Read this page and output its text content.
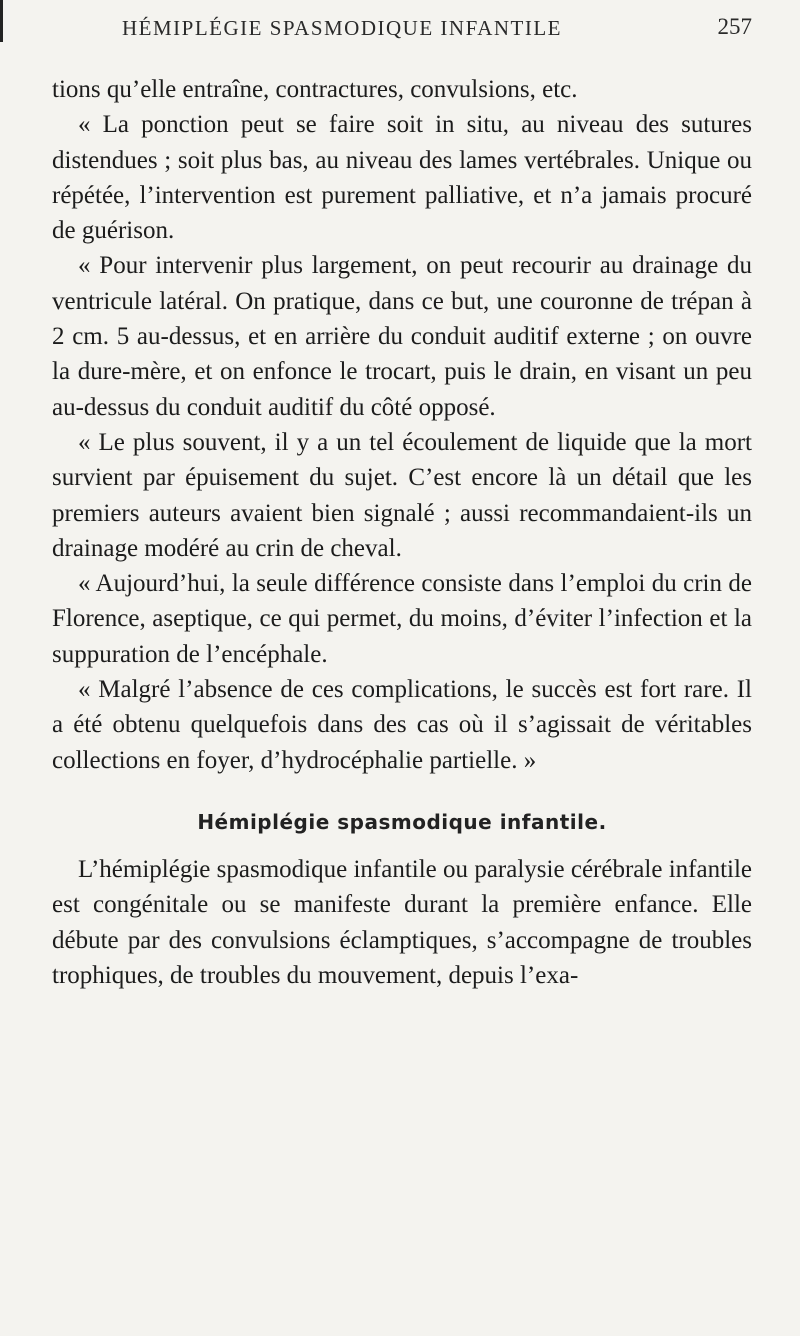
HÉMIPLÉGIE SPASMODIQUE INFANTILE	257

tions qu’elle entraîne, contractures, convulsions, etc.

« La ponction peut se faire soit in situ, au niveau des sutures distendues ; soit plus bas, au niveau des lames vertébrales. Unique ou répétée, l’intervention est purement palliative, et n’a jamais procuré de guérison.

« Pour intervenir plus largement, on peut recourir au drainage du ventricule latéral. On pratique, dans ce but, une couronne de trépan à 2 cm. 5 au-dessus, et en arrière du conduit auditif externe ; on ouvre la dure-mère, et on enfonce le trocart, puis le drain, en visant un peu au-dessus du conduit auditif du côté opposé.

« Le plus souvent, il y a un tel écoulement de liquide que la mort survient par épuisement du sujet. C’est encore là un détail que les premiers auteurs avaient bien signalé ; aussi recommandaient-ils un drainage modéré au crin de cheval.

« Aujourd’hui, la seule différence consiste dans l’emploi du crin de Florence, aseptique, ce qui permet, du moins, d’éviter l’infection et la suppuration de l’encéphale.

« Malgré l’absence de ces complications, le succès est fort rare. Il a été obtenu quelquefois dans des cas où il s’agissait de véritables collections en foyer, d’hydrocéphalie partielle. »

Hémiplégie spasmodique infantile.

L’hémiplégie spasmodique infantile ou paralysie cérébrale infantile est congénitale ou se manifeste durant la première enfance. Elle débute par des convulsions éclamptiques, s’accompagne de troubles trophiques, de troubles du mouvement, depuis l’exa-
